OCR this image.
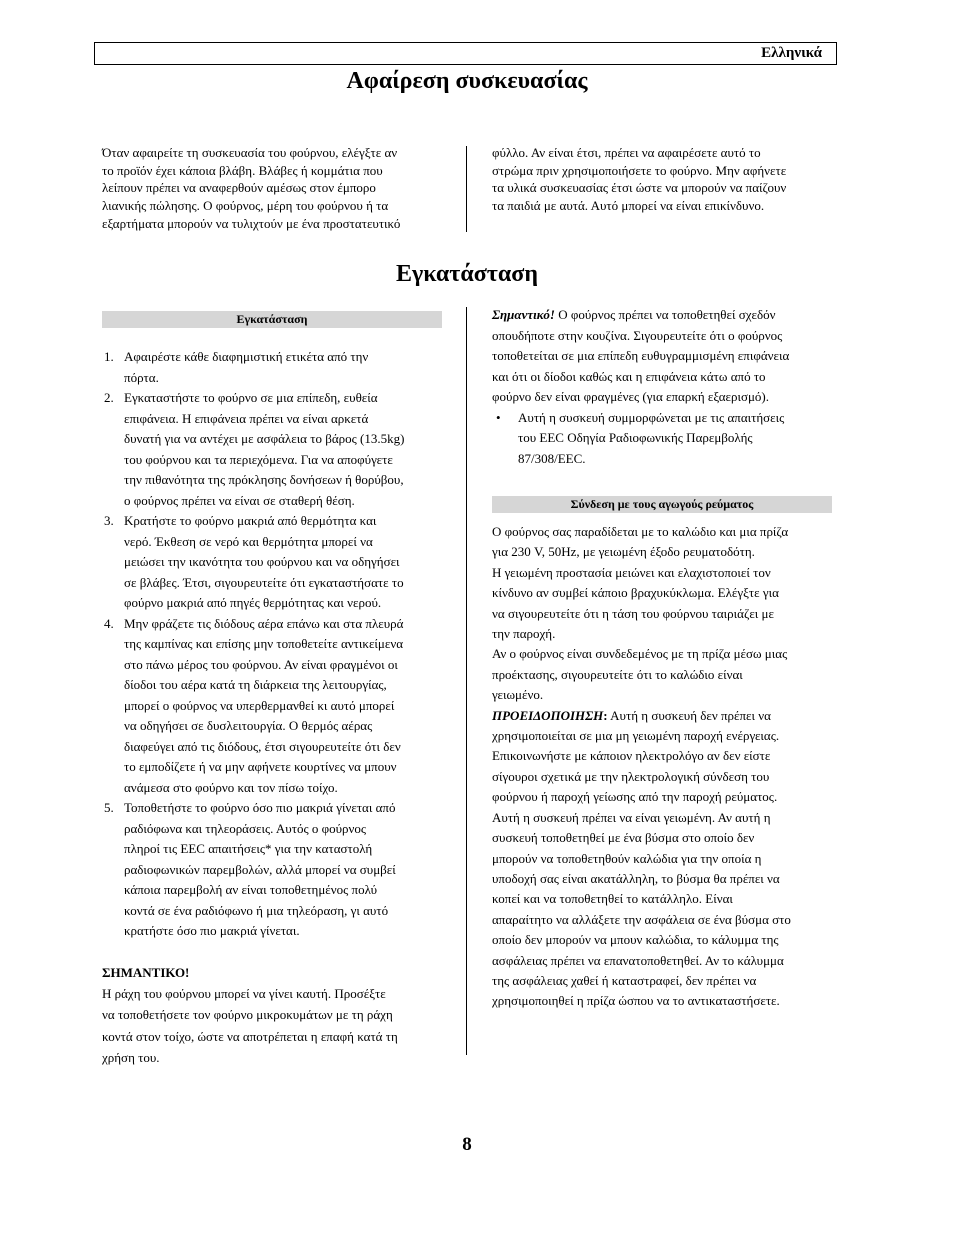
Ελληνικά
Αφαίρεση συσκευασίας
Όταν αφαιρείτε τη συσκευασία του φούρνου, ελέγξτε αν
το προϊόν έχει κάποια βλάβη. Βλάβες ή κομμάτια που
λείπουν πρέπει να αναφερθούν αμέσως στον έμπορο
λιανικής πώλησης. Ο φούρνος, μέρη του φούρνου ή τα
εξαρτήματα μπορούν να τυλιχτούν με ένα προστατευτικό
φύλλο. Αν είναι έτσι, πρέπει να αφαιρέσετε αυτό το
στρώμα πριν χρησιμοποιήσετε το φούρνο. Μην αφήνετε
τα υλικά συσκευασίας έτσι ώστε να μπορούν να παίζουν
τα παιδιά με αυτά. Αυτό μπορεί να είναι επικίνδυνο.
Εγκατάσταση
Εγκατάσταση
1. Αφαιρέστε κάθε διαφημιστική ετικέτα από την
πόρτα.
2. Εγκαταστήστε το φούρνο σε μια επίπεδη, ευθεία
επιφάνεια. Η επιφάνεια πρέπει να είναι αρκετά
δυνατή για να αντέχει με ασφάλεια το βάρος (13.5kg)
του φούρνου και τα περιεχόμενα. Για να αποφύγετε
την πιθανότητα της πρόκλησης δονήσεων ή θορύβου,
ο φούρνος πρέπει να είναι σε σταθερή θέση.
3. Κρατήστε το φούρνο μακριά από θερμότητα και
νερό. Έκθεση σε νερό και θερμότητα μπορεί να
μειώσει την ικανότητα του φούρνου και να οδηγήσει
σε βλάβες. Έτσι, σιγουρευτείτε ότι εγκαταστήσατε το
φούρνο μακριά από πηγές θερμότητας και νερού.
4. Μην φράζετε τις διόδους αέρα επάνω και στα πλευρά
της καμπίνας και επίσης μην τοποθετείτε αντικείμενα
στο πάνω μέρος του φούρνου. Αν είναι φραγμένοι οι
δίοδοι του αέρα κατά τη διάρκεια της λειτουργίας,
μπορεί ο φούρνος να υπερθερμανθεί κι αυτό μπορεί
να οδηγήσει σε δυσλειτουργία. Ο θερμός αέρας
διαφεύγει από τις διόδους, έτσι σιγουρευτείτε ότι δεν
το εμποδίζετε ή να μην αφήνετε κουρτίνες να μπουν
ανάμεσα στο φούρνο και τον πίσω τοίχο.
5. Τοποθετήστε το φούρνο όσο πιο μακριά γίνεται από
ραδιόφωνα και τηλεοράσεις. Αυτός ο φούρνος
πληροί τις EEC απαιτήσεις* για την καταστολή
ραδιοφωνικών παρεμβολών, αλλά μπορεί να συμβεί
κάποια παρεμβολή αν είναι τοποθετημένος πολύ
κοντά σε ένα ραδιόφωνο ή μια τηλεόραση, γι αυτό
κρατήστε όσο πιο μακριά γίνεται.

ΣΗΜΑΝΤΙΚΟ!

Η ράχη του φούρνου μπορεί να γίνει καυτή. Προσέξτε
να τοποθετήσετε τον φούρνο μικροκυμάτων με τη ράχη
κοντά στον τοίχο, ώστε να αποτρέπεται η επαφή κατά τη
χρήση του.

Σημαντικό! Ο φούρνος πρέπει να τοποθετηθεί σχεδόν

οπουδήποτε στην κουζίνα. Σιγουρευτείτε ότι ο φούρνος
τοποθετείται σε μια επίπεδη ευθυγραμμισμένη επιφάνεια
και ότι οι δίοδοι καθώς και η επιφάνεια κάτω από το
φούρνο δεν είναι φραγμένες (για επαρκή εξαερισμό).
• Αυτή η συσκευή συμμορφώνεται με τις απαιτήσεις
του EEC Οδηγία Ραδιοφωνικής Παρεμβολής
87/308/EEC.
Σύνδεση με τους αγωγούς ρεύματος
Ο φούρνος σας παραδίδεται με το καλώδιο και μια πρίζα
για 230 V, 50Hz, με γειωμένη έξοδο ρευματοδότη.
Η γειωμένη προστασία μειώνει και ελαχιστοποιεί τον
κίνδυνο αν συμβεί κάποιο βραχυκύκλωμα. Ελέγξτε για
να σιγουρευτείτε ότι η τάση του φούρνου ταιριάζει με
την παροχή.
Αν ο φούρνος είναι συνδεδεμένος με τη πρίζα μέσω μιας
προέκτασης, σιγουρευτείτε ότι το καλώδιο είναι
γειωμένο.

ΠΡΟΕΙΔΟΠΟΙΗΣΗ: Αυτή η συσκευή δεν πρέπει να

χρησιμοποιείται σε μια μη γειωμένη παροχή ενέργειας.
Επικοινωνήστε με κάποιον ηλεκτρολόγο αν δεν είστε
σίγουροι σχετικά με την ηλεκτρολογική σύνδεση του
φούρνου ή παροχή γείωσης από την παροχή ρεύματος.
Αυτή η συσκευή πρέπει να είναι γειωμένη. Αν αυτή η
συσκευή τοποθετηθεί με ένα βύσμα στο οποίο δεν
μπορούν να τοποθετηθούν καλώδια για την οποία η
υποδοχή σας είναι ακατάλληλη, το βύσμα θα πρέπει να
κοπεί και να τοποθετηθεί το κατάλληλο. Είναι
απαραίτητο να αλλάξετε την ασφάλεια σε ένα βύσμα στο
οποίο δεν μπορούν να μπουν καλώδια, το κάλυμμα της
ασφάλειας πρέπει να επανατοποθετηθεί. Αν το κάλυμμα
της ασφάλειας χαθεί ή καταστραφεί, δεν πρέπει να
χρησιμοποιηθεί η πρίζα ώσπου να το αντικαταστήσετε.
8
